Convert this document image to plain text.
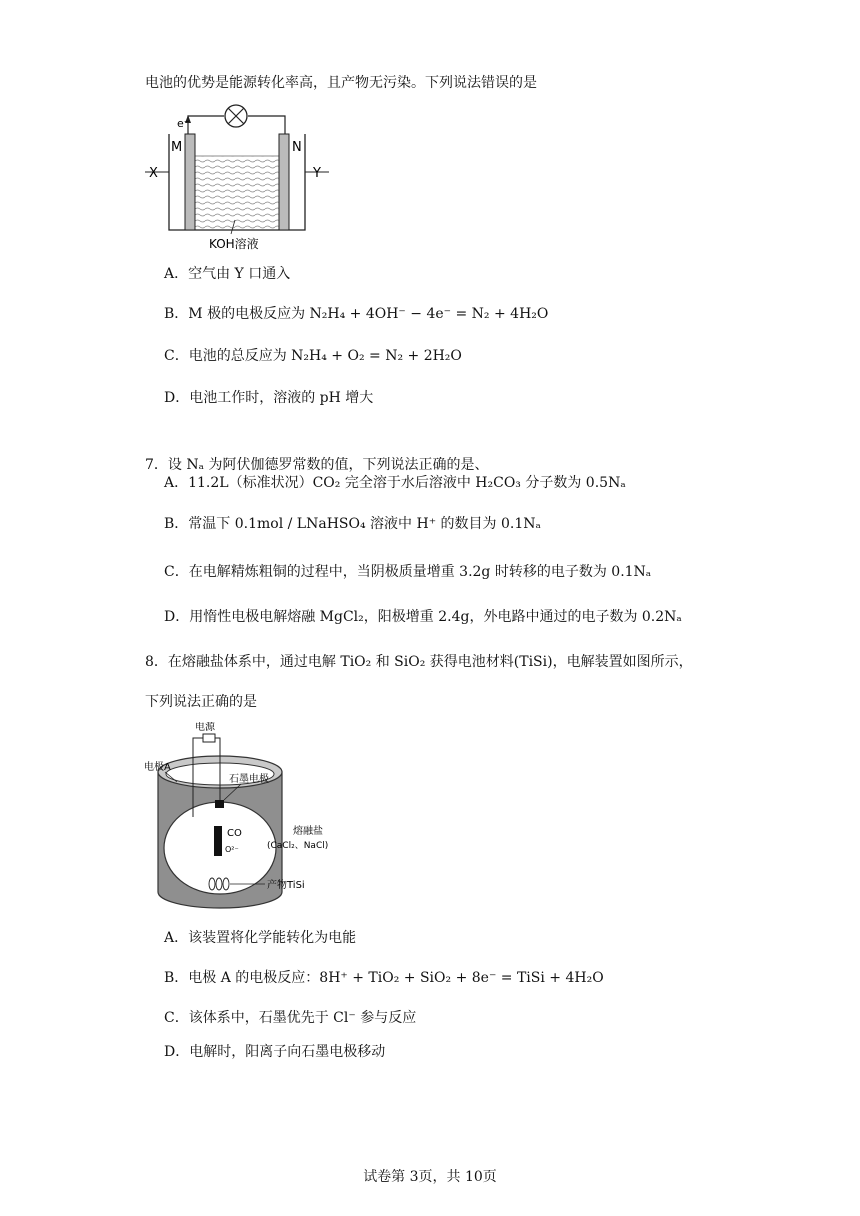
电池的优势是能源转化率高，且产物无污染。下列说法错误的是
e⁻
M	N
X	Y
KOH溶液
A．空气由 Y 口通入
B．M 极的电极反应为 N₂H₄ + 4OH⁻ − 4e⁻ = N₂ + 4H₂O
C．电池的总反应为 N₂H₄ + O₂ = N₂ + 2H₂O
D．电池工作时，溶液的 pH 增大
7．设 Nₐ 为阿伏伽德罗常数的值，下列说法正确的是、
A．11.2L（标准状况）CO₂ 完全溶于水后溶液中 H₂CO₃ 分子数为 0.5Nₐ
B．常温下 0.1mol / LNaHSO₄ 溶液中 H⁺ 的数目为 0.1Nₐ
C．在电解精炼粗铜的过程中，当阴极质量增重 3.2g 时转移的电子数为 0.1Nₐ
D．用惰性电极电解熔融 MgCl₂，阳极增重 2.4g，外电路中通过的电子数为 0.2Nₐ
8．在熔融盐体系中，通过电解 TiO₂ 和 SiO₂ 获得电池材料(TiSi)，电解装置如图所示，
下列说法正确的是
电源
CO
O²⁻
电极A
石墨电极
熔融盐
(CaCl₂、NaCl)
产物TiSi
A．该装置将化学能转化为电能
B．电极 A 的电极反应：8H⁺ + TiO₂ + SiO₂ + 8e⁻ = TiSi + 4H₂O
C．该体系中，石墨优先于 Cl⁻ 参与反应
D．电解时，阳离子向石墨电极移动
试卷第 3页，共 10页
